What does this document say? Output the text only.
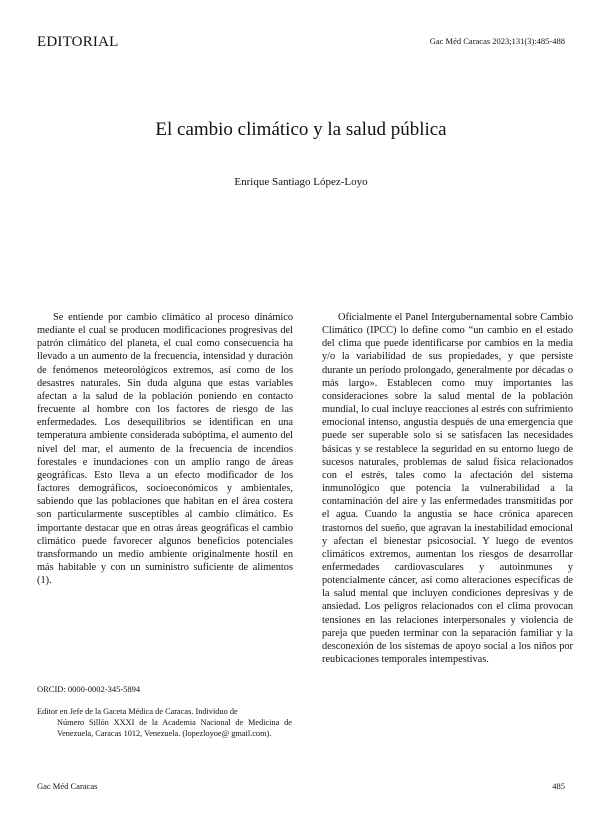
EDITORIAL	Gac Méd Caracas 2023;131(3):485-488
El cambio climático y la salud pública
Enrique Santiago López-Loyo

Se entiende por cambio climático al proceso dinámico mediante el cual se producen modificaciones progresivas del patrón climático del planeta, el cual como consecuencia ha llevado a un aumento de la frecuencia, intensidad y duración de fenómenos meteorológicos extremos, así como de los desastres naturales. Sin duda alguna que estas variables afectan a la salud de la población poniendo en contacto frecuente al hombre con los factores de riesgo de las enfermedades. Los desequilibrios se identifican en una temperatura ambiente considerada subóptima, el aumento del nivel del mar, el aumento de la frecuencia de incendios forestales e inundaciones con un amplio rango de áreas geográficas. Esto lleva a un efecto modificador de los factores demográficos, socioeconómicos y ambientales, sabiendo que las poblaciones que habitan en el área costera son particularmente susceptibles al cambio climático. Es importante destacar que en otras áreas geográficas el cambio climático puede favorecer algunos beneficios potenciales transformando un medio ambiente originalmente hostil en más habitable y con un suministro suficiente de alimentos (1).

Oficialmente el Panel Intergubernamental sobre Cambio Climático (IPCC) lo define como “un cambio en el estado del clima que puede identificarse por cambios en la media y/o la variabilidad de sus propiedades, y que persiste durante un período prolongado, generalmente por décadas o más largo». Establecen como muy importantes las consideraciones sobre la salud mental de la población mundial, lo cual incluye reacciones al estrés con sufrimiento emocional intenso, angustia después de una emergencia que puede ser superable solo si se satisfacen las necesidades básicas y se restablece la seguridad en su entorno luego de sucesos naturales, problemas de salud física relacionados con el estrés, tales como la afectación del sistema inmunológico que potencia la vulnerabilidad a la contaminación del aire y las enfermedades transmitidas por el agua. Cuando la angustia se hace crónica aparecen trastornos del sueño, que agravan la inestabilidad emocional y afectan el bienestar psicosocial. Y luego de eventos climáticos extremos, aumentan los riesgos de desarrollar enfermedades cardiovasculares y autoinmunes y potencialmente cáncer, así como alteraciones específicas de la salud mental que incluyen condiciones depresivas y de ansiedad. Los peligros relacionados con el clima provocan tensiones en las relaciones interpersonales y violencia de pareja que pueden terminar con la separación familiar y la desconexión de los sistemas de apoyo social a los niños por reubicaciones temporales intempestivas.

ORCID: 0000-0002-345-5894
Editor en Jefe de la Gaceta Médica de Caracas. Individuo de
Número Sillón XXXI de la Academia Nacional de Medicina de Venezuela, Caracas 1012, Venezuela. (lopezloyoe@ gmail.com).
Gac Méd Caracas	485
